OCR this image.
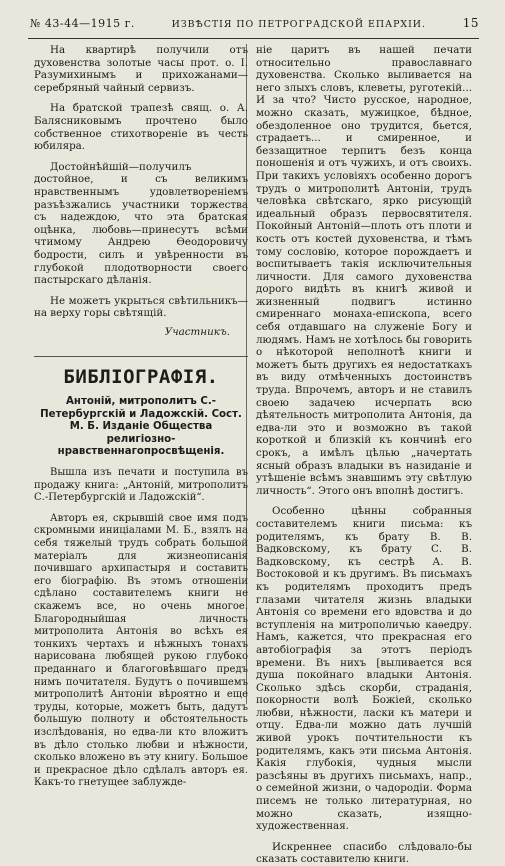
№ 43-44—1915 г.	ИЗВѢСТІЯ ПО ПЕТРОГРАДСКОЙ ЕПАРХІИ.	15

На квартирѣ получили отъ духовенства золотые часы прот. о. І. Разумихинымъ и прихожанами—серебряный чайный сервизъ.

На братской трапезѣ свящ. о. А. Балясниковымъ прочтено было собственное стихотвореніе въ честь юбиляра.

Достойнѣйшій—получилъ достойное, и съ великимъ нравственнымъ удовлетвореніемъ разъѣзжались участники торжества съ надеждою, что эта братская оцѣнка, любовь—принесутъ всѣми чтимому Андрею Ѳеодоровичу бодрости, силъ и увѣренности въ глубокой плодотворности своего пастырскаго дѣланія.

Не можетъ укрыться свѣтильникъ—на верху горы свѣтящій.

Участникъ.

БИБЛІОГРАФІЯ.
Антоній, митрополитъ С.-Петербургскій и Ладожскій. Сост. М. Б. Изданіе Общества религіозно-нравственнагопросвѣщенія.

Вышла изъ печати и поступила въ продажу книга: „Антоній, митрополитъ С.-Петербургскій и Ладожскій“.

Авторъ ея, скрывшій свое имя подъ скромными иниціалами М. Б., взялъ на себя тяжелый трудъ собрать большой матеріалъ для жизнеописанія почившаго архипастыря и составить его біографію. Въ этомъ отношеніи сдѣлано составителемъ книги не скажемъ все, но очень многое. Благородныйшая личность митрополита Антонія во всѣхъ ея тонкихъ чертахъ и нѣжныхъ тонахъ нарисована любящей рукою глубоко преданнаго и благоговѣвшаго предъ нимъ почитателя. Будутъ о почившемъ митрополитѣ Антоніи вѣроятно и еще труды, которые, можетъ быть, дадутъ большую полноту и обстоятельность изслѣдованія, но едва-ли кто вложитъ въ дѣло столько любви и нѣжности, сколько вложено въ эту книгу. Большое и прекрасное дѣло сдѣлалъ авторъ ея. Какъ-то гнетущее заблужде-

ніе царитъ въ нашей печати относительно православнаго духовенства. Сколько выливается на него злыхъ словъ, клеветы, руготекій... И за что? Чисто русское, народное, можно сказать, мужицкое, бѣдное, обездоленное оно трудится, бьется, страдаетъ... и смиренное, и беззащитное терпитъ безъ конца поношенія и отъ чужихъ, и отъ своихъ. При такихъ условіяхъ особенно дорогъ трудъ о митрополитѣ Антоніи, трудъ человѣка свѣтскаго, ярко рисующій идеальный образъ первосвятителя. Покойный Антоній—плоть отъ плоти и кость отъ костей духовенства, и тѣмъ тому сословію, которое порождаетъ и воспитываетъ такія исключительныя личности. Для самого духовенства дорого видѣть въ книгѣ живой и жизненный подвигъ истинно смиреннаго монаха-епископа, всего себя отдавшаго на служеніе Богу и людямъ. Намъ не хотѣлось бы говорить о нѣкоторой неполнотѣ книги и можетъ быть другихъ ея недостаткахъ въ виду отмѣченныхъ достоинствъ труда. Впрочемъ, авторъ и не ставилъ своею задачею исчерпать всю дѣятельность митрополита Антонія, да едва-ли это и возможно въ такой короткой и близкій къ кончинѣ его срокъ, а имѣлъ цѣлью „начертать ясный образъ владыки въ назиданіе и утѣшеніе всѣмъ знавшимъ эту свѣтлую личность“. Этого онъ вполнѣ достигъ.

Особенно цѣнны собранныя составителемъ книги письма: къ родителямъ, къ брату В. В. Вадковскому, къ брату С. В. Вадковскому, къ сестрѣ А. В. Востоковой и къ другимъ. Въ письмахъ къ родителямъ проходитъ предъ глазами читателя жизнь владыки Антонія со времени его вдовства и до вступленія на митрополичью каѳедру. Намъ, кажется, что прекрасная его автобіографія за этотъ періодъ времени. Въ нихъ [выливается вся душа покойнаго владыки Антонія. Сколько здѣсь скорби, страданія, покорности волѣ Божіей, сколько любви, нѣжности, ласки къ матери и отцу. Едва-ли можно дать лучшій живой урокъ почтительности къ родителямъ, какъ эти письма Антонія. Какія глубокія, чудныя мысли разсѣяны въ другихъ письмахъ, напр., о семейной жизни, о чадородіи. Форма писемъ не только литературная, но можно сказать, изящно-художественная.

Искреннее спасибо слѣдовало-бы сказать составителю книги.
